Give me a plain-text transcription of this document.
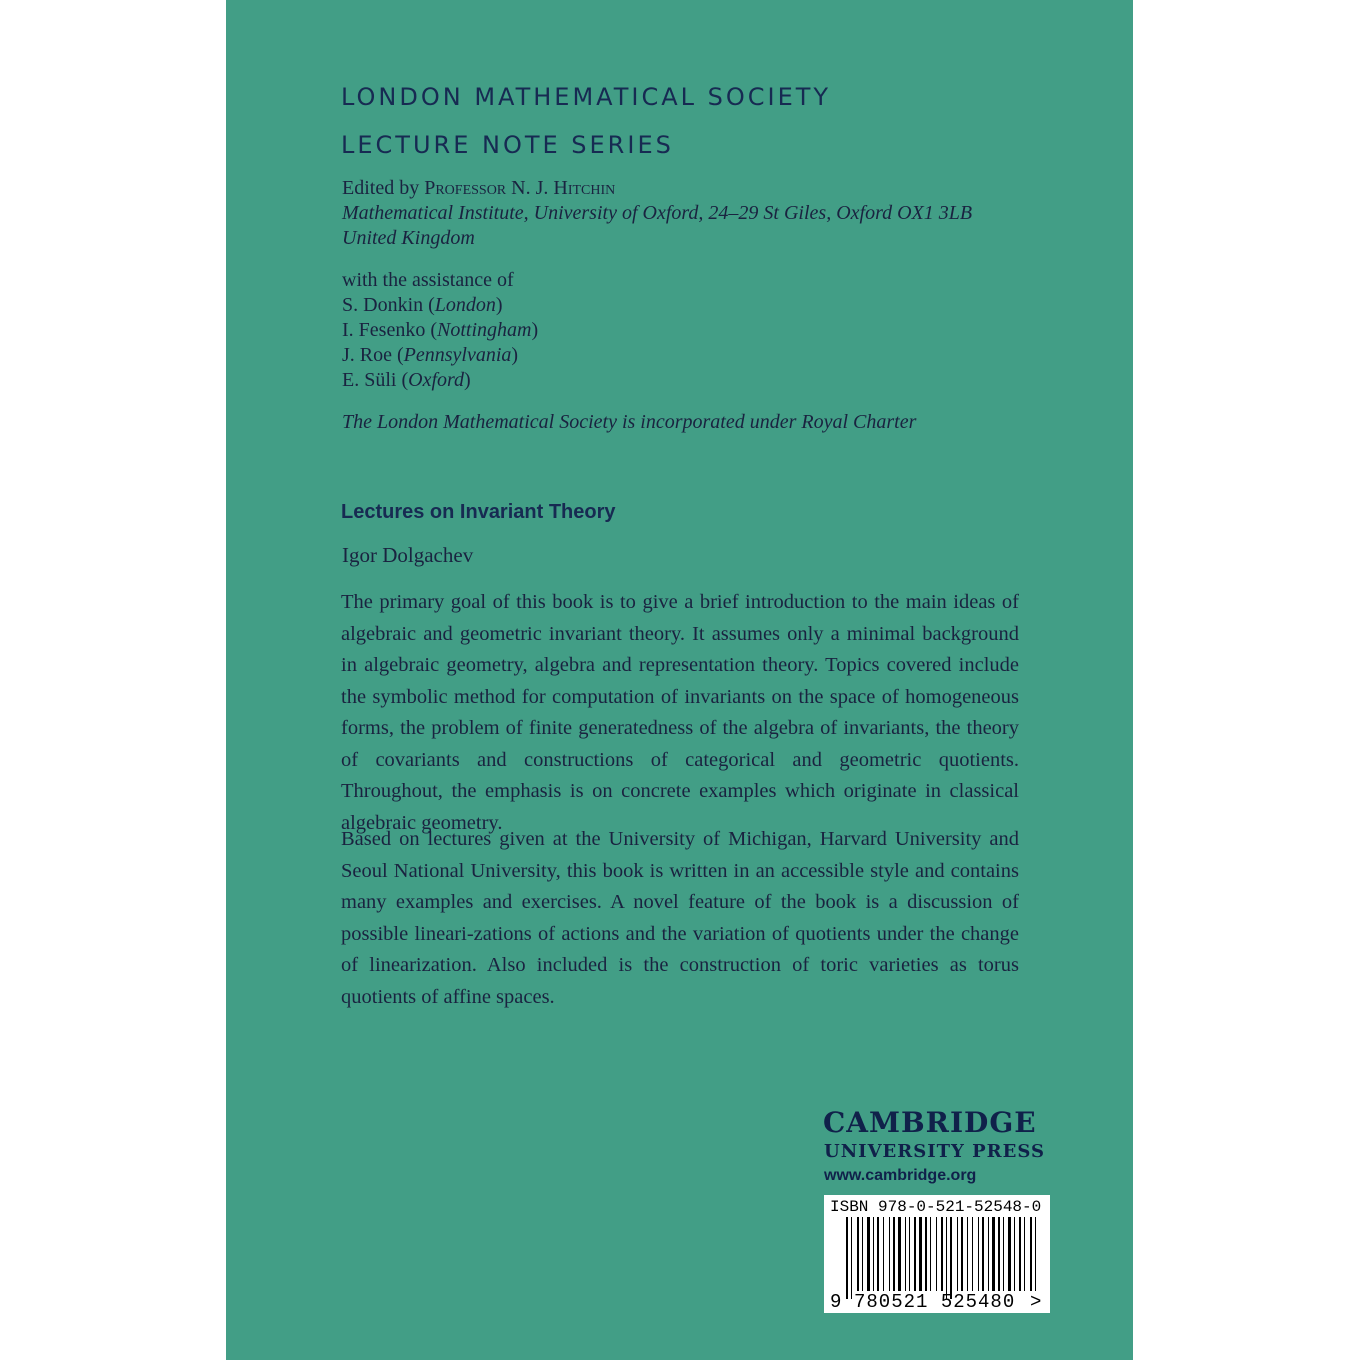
LONDON MATHEMATICAL SOCIETY
LECTURE NOTE SERIES
Edited by Professor N. J. Hitchin
Mathematical Institute, University of Oxford, 24–29 St Giles, Oxford OX1 3LB
United Kingdom
with the assistance of
S. Donkin (London)
I. Fesenko (Nottingham)
J. Roe (Pennsylvania)
E. Süli (Oxford)
The London Mathematical Society is incorporated under Royal Charter
Lectures on Invariant Theory
Igor Dolgachev
The primary goal of this book is to give a brief introduction to the main ideas of algebraic and geometric invariant theory. It assumes only a minimal background in algebraic geometry, algebra and representation theory. Topics covered include the symbolic method for computation of invariants on the space of homogeneous forms, the problem of finite generatedness of the algebra of invariants, the theory of covariants and constructions of categorical and geometric quotients. Throughout, the emphasis is on concrete examples which originate in classical algebraic geometry.
Based on lectures given at the University of Michigan, Harvard University and Seoul National University, this book is written in an accessible style and contains many examples and exercises. A novel feature of the book is a discussion of possible lineari-zations of actions and the variation of quotients under the change of linearization. Also included is the construction of toric varieties as torus quotients of affine spaces.
CAMBRIDGE
UNIVERSITY PRESS
www.cambridge.org
ISBN 978-0-521-52548-0
9 780521 525480 >
